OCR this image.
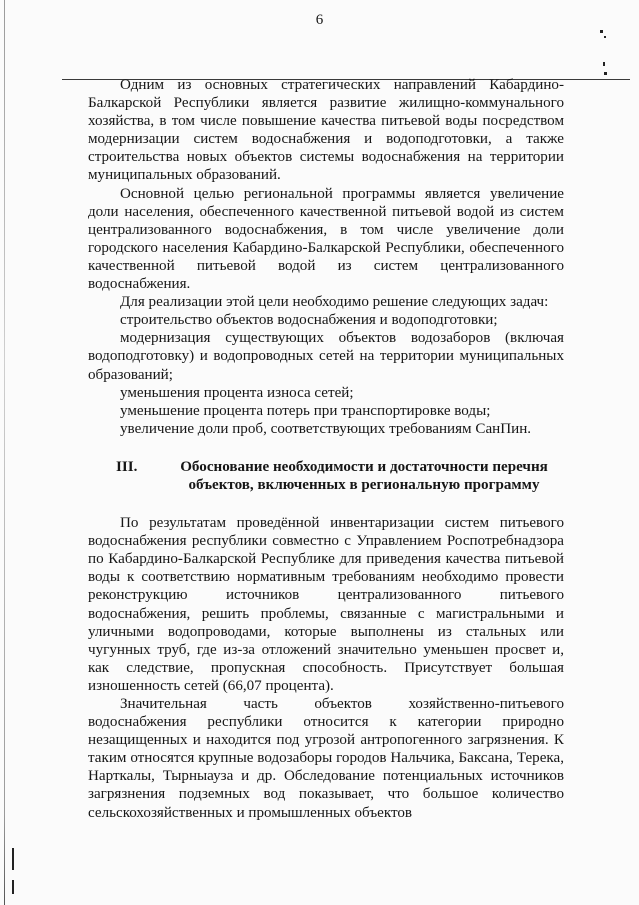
6

Одним из основных стратегических направлений Кабардино-Балкарской Республики является развитие жилищно-коммунального хозяйства, в том числе повышение качества питьевой воды посредством модернизации систем водоснабжения и водоподготовки, а также строительства новых объектов системы водоснабжения на территории муниципальных образований.

Основной целью региональной программы является увеличение доли населения, обеспеченного качественной питьевой водой из систем централизованного водоснабжения, в том числе увеличение доли городского населения Кабардино-Балкарской Республики, обеспеченного качественной питьевой водой из систем централизованного водоснабжения.

Для реализации этой цели необходимо решение следующих задач:

строительство объектов водоснабжения и водоподготовки;

модернизация существующих объектов водозаборов (включая водоподготовку) и водопроводных сетей на территории муниципальных образований;

уменьшения процента износа сетей;

уменьшение процента потерь при транспортировке воды;

увеличение доли проб, соответствующих требованиям СанПин.

III.	Обоснование необходимости и достаточности перечня
объектов, включенных в региональную программу

По результатам проведённой инвентаризации систем питьевого водоснабжения республики совместно с Управлением Роспотребнадзора по Кабардино-Балкарской Республике для приведения качества питьевой воды к соответствию нормативным требованиям необходимо провести реконструкцию источников централизованного питьевого водоснабжения, решить проблемы, связанные с магистральными и уличными водопроводами, которые выполнены из стальных или чугунных труб, где из-за отложений значительно уменьшен просвет и, как следствие, пропускная способность. Присутствует большая изношенность сетей (66,07 процента).

Значительная часть объектов хозяйственно-питьевого водоснабжения республики относится к категории природно незащищенных и находится под угрозой антропогенного загрязнения. К таким относятся крупные водозаборы городов Нальчика, Баксана, Терека, Нарткалы, Тырныауза и др. Обследование потенциальных источников загрязнения подземных вод показывает, что большое количество сельскохозяйственных и промышленных объектов
